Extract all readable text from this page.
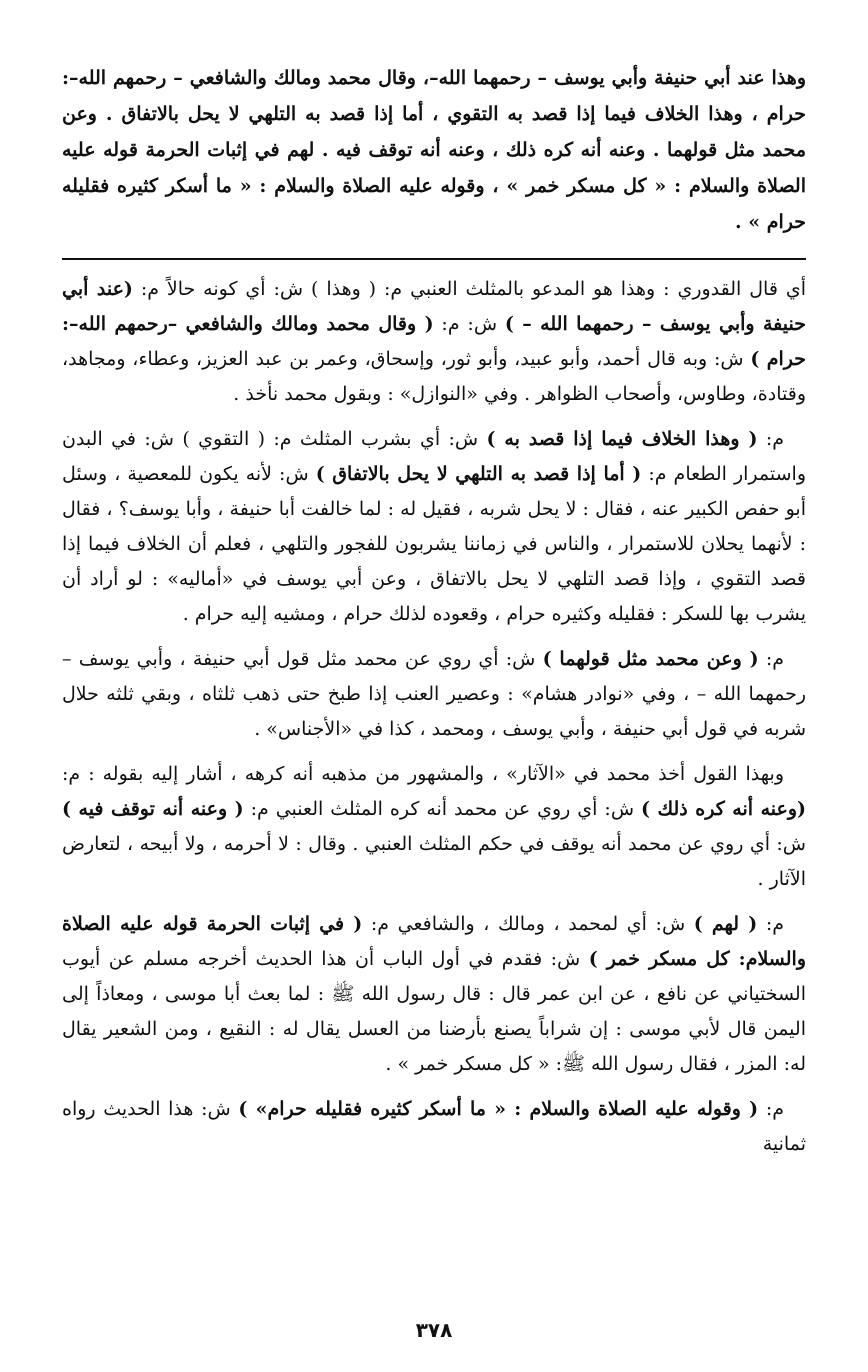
وهذا عند أبي حنيفة وأبي يوسف – رحمهما الله–، وقال محمد ومالك والشافعي – رحمهم الله–: حرام ، وهذا الخلاف فيما إذا قصد به التقوي ، أما إذا قصد به التلهي لا يحل بالاتفاق . وعن محمد مثل قولهما . وعنه أنه كره ذلك ، وعنه أنه توقف فيه . لهم في إثبات الحرمة قوله عليه الصلاة والسلام : « كل مسكر خمر » ، وقوله عليه الصلاة والسلام : « ما أسكر كثيره فقليله حرام » .

أي قال القدوري : وهذا هو المدعو بالمثلث العنبي م: ( وهذا ) ش: أي كونه حالاً م: (عند أبي حنيفة وأبي يوسف – رحمهما الله – ) ش: م: ( وقال محمد ومالك والشافعي –رحمهم الله–: حرام ) ش: وبه قال أحمد، وأبو عبيد، وأبو ثور، وإسحاق، وعمر بن عبد العزيز، وعطاء، ومجاهد، وقتادة، وطاوس، وأصحاب الظواهر . وفي «النوازل» : وبقول محمد نأخذ .

م: ( وهذا الخلاف فيما إذا قصد به ) ش: أي بشرب المثلث م: ( التقوي ) ش: في البدن واستمرار الطعام م: ( أما إذا قصد به التلهي لا يحل بالاتفاق ) ش: لأنه يكون للمعصية ، وسئل أبو حفص الكبير عنه ، فقال : لا يحل شربه ، فقيل له : لما خالفت أبا حنيفة ، وأبا يوسف؟ ، فقال : لأنهما يحلان للاستمرار ، والناس في زماننا يشربون للفجور والتلهي ، فعلم أن الخلاف فيما إذا قصد التقوي ، وإذا قصد التلهي لا يحل بالاتفاق ، وعن أبي يوسف في «أماليه» : لو أراد أن يشرب بها للسكر : فقليله وكثيره حرام ، وقعوده لذلك حرام ، ومشيه إليه حرام .

م: ( وعن محمد مثل قولهما ) ش: أي روي عن محمد مثل قول أبي حنيفة ، وأبي يوسف – رحمهما الله – ، وفي «نوادر هشام» : وعصير العنب إذا طبخ حتى ذهب ثلثاه ، وبقي ثلثه حلال شربه في قول أبي حنيفة ، وأبي يوسف ، ومحمد ، كذا في «الأجناس» .

وبهذا القول أخذ محمد في «الآثار» ، والمشهور من مذهبه أنه كرهه ، أشار إليه بقوله : م: (وعنه أنه كره ذلك ) ش: أي روي عن محمد أنه كره المثلث العنبي م: ( وعنه أنه توقف فيه ) ش: أي روي عن محمد أنه يوقف في حكم المثلث العنبي . وقال : لا أحرمه ، ولا أبيحه ، لتعارض الآثار .

م: ( لهم ) ش: أي لمحمد ، ومالك ، والشافعي م: ( في إثبات الحرمة قوله عليه الصلاة والسلام: كل مسكر خمر ) ش: فقدم في أول الباب أن هذا الحديث أخرجه مسلم عن أيوب السختياني عن نافع ، عن ابن عمر قال : قال رسول الله ﷺ : لما بعث أبا موسى ، ومعاذاً إلى اليمن قال لأبي موسى : إن شراباً يصنع بأرضنا من العسل يقال له : النقيع ، ومن الشعير يقال له: المزر ، فقال رسول الله ﷺ: « كل مسكر خمر » .

م: ( وقوله عليه الصلاة والسلام : « ما أسكر كثيره فقليله حرام» ) ش: هذا الحديث رواه ثمانية

٣٧٨
